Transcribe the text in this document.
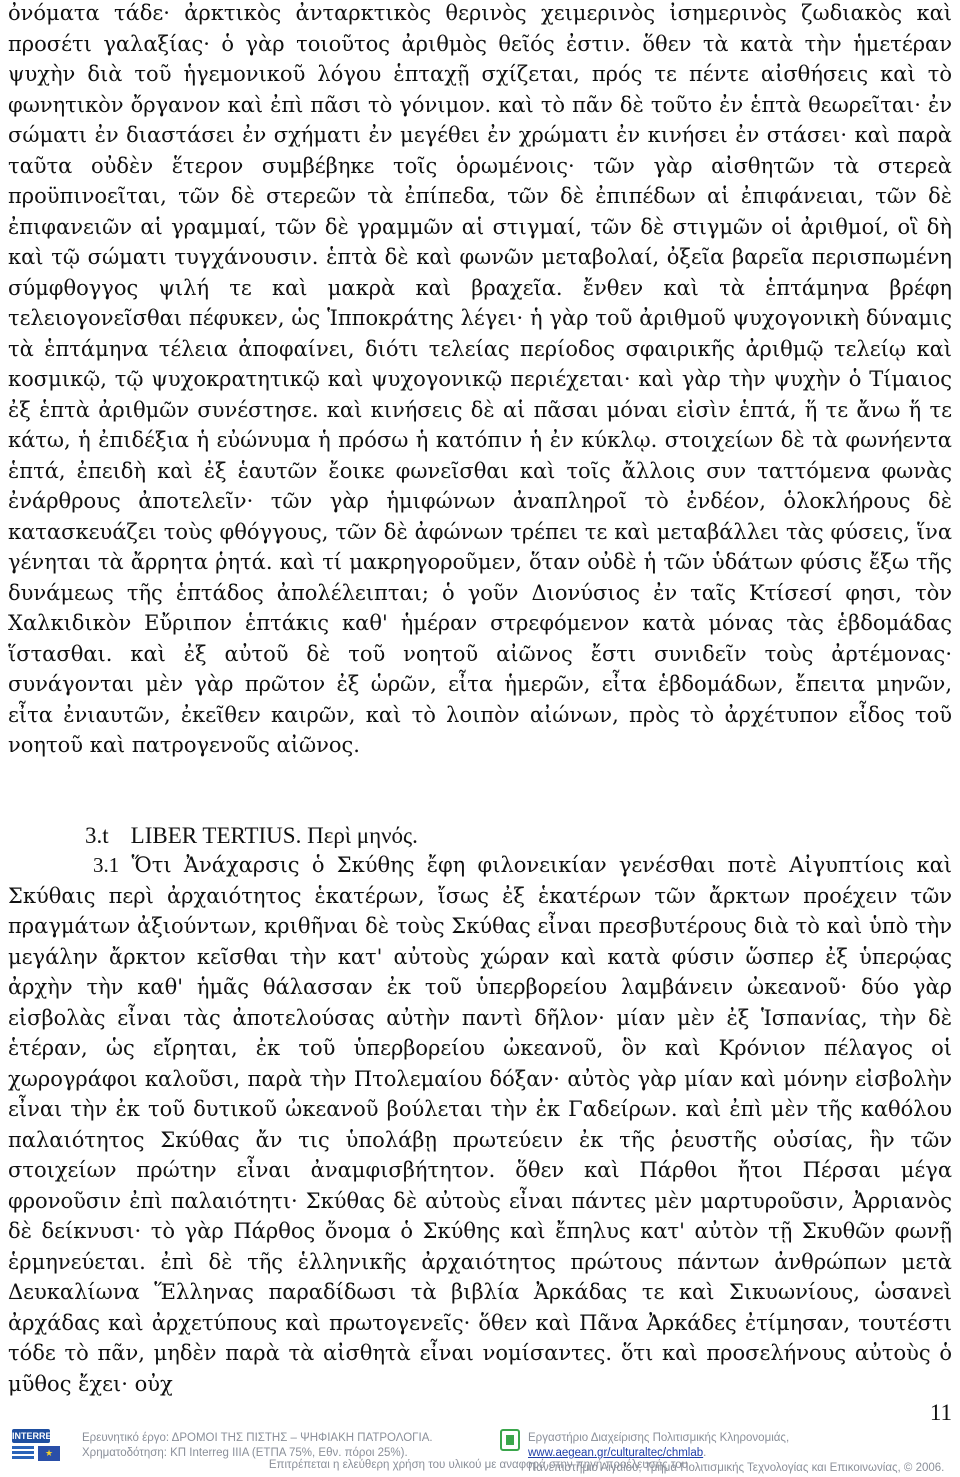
ὀνόματα τάδε· ἀρκτικὸς ἀνταρκτικὸς θερινὸς χειμερινὸς ἰσημερινὸς ζωδιακὸς καὶ προσέτι γαλαξίας· ὁ γὰρ τοιοῦτος ἀριθμὸς θεῖός ἐστιν. ὅθεν τὰ κατὰ τὴν ἡμετέραν ψυχὴν διὰ τοῦ ἡγεμονικοῦ λόγου ἑπταχῇ σχίζεται, πρός τε πέντε αἰσθήσεις καὶ τὸ φωνητικὸν ὄργανον καὶ ἐπὶ πᾶσι τὸ γόνιμον. καὶ τὸ πᾶν δὲ τοῦτο ἐν ἑπτὰ θεωρεῖται· ἐν σώματι ἐν διαστάσει ἐν σχήματι ἐν μεγέθει ἐν χρώματι ἐν κινήσει ἐν στάσει· καὶ παρὰ ταῦτα οὐδὲν ἕτερον συμβέβηκε τοῖς ὁρωμένοις· τῶν γὰρ αἰσθητῶν τὰ στερεὰ προϋπινοεῖται, τῶν δὲ στερεῶν τὰ ἐπίπεδα, τῶν δὲ ἐπιπέδων αἱ ἐπιφάνειαι, τῶν δὲ ἐπιφανειῶν αἱ γραμμαί, τῶν δὲ γραμμῶν αἱ στιγμαί, τῶν δὲ στιγμῶν οἱ ἀριθμοί, οἳ δὴ καὶ τῷ σώματι τυγχάνουσιν. ἑπτὰ δὲ καὶ φωνῶν μεταβολαί, ὀξεῖα βαρεῖα περισπωμένη σύμφθογγος ψιλή τε καὶ μακρὰ καὶ βραχεῖα. ἔνθεν καὶ τὰ ἑπτάμηνα βρέφη τελειογονεῖσθαι πέφυκεν, ὡς Ἱπποκράτης λέγει· ἡ γὰρ τοῦ ἀριθμοῦ ψυχογονικὴ δύναμις τὰ ἑπτάμηνα τέλεια ἀποφαίνει, διότι τελείας περίοδος σφαιρικῆς ἀριθμῷ τελείῳ καὶ κοσμικῷ, τῷ ψυχοκρατητικῷ καὶ ψυχογονικῷ περιέχεται· καὶ γὰρ τὴν ψυχὴν ὁ Τίμαιος ἐξ ἑπτὰ ἀριθμῶν συνέστησε. καὶ κινήσεις δὲ αἱ πᾶσαι μόναι εἰσὶν ἑπτά, ἥ τε ἄνω ἥ τε κάτω, ἡ ἐπιδέξια ἡ εὐώνυμα ἡ πρόσω ἡ κατόπιν ἡ ἐν κύκλῳ. στοιχείων δὲ τὰ φωνήεντα ἑπτά, ἐπειδὴ καὶ ἐξ ἑαυτῶν ἔοικε φωνεῖσθαι καὶ τοῖς ἄλλοις συν ταττόμενα φωνὰς ἐνάρθρους ἀποτελεῖν· τῶν γὰρ ἡμιφώνων ἀναπληροῖ τὸ ἐνδέον, ὁλοκλήρους δὲ κατασκευάζει τοὺς φθόγγους, τῶν δὲ ἀφώνων τρέπει τε καὶ μεταβάλλει τὰς φύσεις, ἵνα γένηται τὰ ἄρρητα ῥητά. καὶ τί μακρηγοροῦμεν, ὅταν οὐδὲ ἡ τῶν ὑδάτων φύσις ἔξω τῆς δυνάμεως τῆς ἑπτάδος ἀπολέλειπται; ὁ γοῦν Διονύσιος ἐν ταῖς Κτίσεσί φησι, τὸν Χαλκιδικὸν Εὔριπον ἑπτάκις καθ' ἡμέραν στρεφόμενον κατὰ μόνας τὰς ἑβδομάδας ἵστασθαι. καὶ ἐξ αὐτοῦ δὲ τοῦ νοητοῦ αἰῶνος ἔστι συνιδεῖν τοὺς ἀρτέμονας· συνάγονται μὲν γὰρ πρῶτον ἐξ ὡρῶν, εἶτα ἡμερῶν, εἶτα ἑβδομάδων, ἔπειτα μηνῶν, εἶτα ἐνιαυτῶν, ἐκεῖθεν καιρῶν, καὶ τὸ λοιπὸν αἰώνων, πρὸς τὸ ἀρχέτυπον εἶδος τοῦ νοητοῦ καὶ πατρογενοῦς αἰῶνος.

3.t LIBER TERTIUS. Περὶ μηνός.

3.1 Ὅτι Ἀνάχαρσις ὁ Σκύθης ἔφη φιλονεικίαν γενέσθαι ποτὲ Αἰγυπτίοις καὶ Σκύθαις περὶ ἀρχαιότητος ἑκατέρων, ἴσως ἐξ ἑκατέρων τῶν ἄρκτων προέχειν τῶν πραγμάτων ἀξιούντων, κριθῆναι δὲ τοὺς Σκύθας εἶναι πρεσβυτέρους διὰ τὸ καὶ ὑπὸ τὴν μεγάλην ἄρκτον κεῖσθαι τὴν κατ' αὐτοὺς χώραν καὶ κατὰ φύσιν ὥσπερ ἐξ ὑπερῴας ἀρχὴν τὴν καθ' ἡμᾶς θάλασσαν ἐκ τοῦ ὑπερβορείου λαμβάνειν ὠκεανοῦ· δύο γὰρ εἰσβολὰς εἶναι τὰς ἀποτελούσας αὐτὴν παντὶ δῆλον· μίαν μὲν ἐξ Ἱσπανίας, τὴν δὲ ἑτέραν, ὡς εἴρηται, ἐκ τοῦ ὑπερβορείου ὠκεανοῦ, ὃν καὶ Κρόνιον πέλαγος οἱ χωρογράφοι καλοῦσι, παρὰ τὴν Πτολεμαίου δόξαν· αὐτὸς γὰρ μίαν καὶ μόνην εἰσβολὴν εἶναι τὴν ἐκ τοῦ δυτικοῦ ὠκεανοῦ βούλεται τὴν ἐκ Γαδείρων. καὶ ἐπὶ μὲν τῆς καθόλου παλαιότητος Σκύθας ἄν τις ὑπολάβῃ πρωτεύειν ἐκ τῆς ῥευστῆς οὐσίας, ἣν τῶν στοιχείων πρώτην εἶναι ἀναμφισβήτητον. ὅθεν καὶ Πάρθοι ἤτοι Πέρσαι μέγα φρονοῦσιν ἐπὶ παλαιότητι· Σκύθας δὲ αὐτοὺς εἶναι πάντες μὲν μαρτυροῦσιν, Ἀρριανὸς δὲ δείκνυσι· τὸ γὰρ Πάρθος ὄνομα ὁ Σκύθης καὶ ἔπηλυς κατ' αὐτὸν τῇ Σκυθῶν φωνῇ ἑρμηνεύεται. ἐπὶ δὲ τῆς ἑλληνικῆς ἀρχαιότητος πρώτους πάντων ἀνθρώπων μετὰ Δευκαλίωνα Ἕλληνας παραδίδωσι τὰ βιβλία Ἀρκάδας τε καὶ Σικυωνίους, ὡσανεὶ ἀρχάδας καὶ ἀρχετύπους καὶ πρωτογενεῖς· ὅθεν καὶ Πᾶνα Ἀρκάδες ἐτίμησαν, τουτέστι τόδε τὸ πᾶν, μηδὲν παρὰ τὰ αἰσθητὰ εἶναι νομίσαντες. ὅτι καὶ προσελήνους αὐτοὺς ὁ μῦθος ἔχει· οὐχ

11
INTERREG
★
Ερευνητικό έργο: ΔΡΟΜΟΙ ΤΗΣ ΠΙΣΤΗΣ – ΨΗΦΙΑΚΗ ΠΑΤΡΟΛΟΓΙΑ.
Χρηματοδότηση: ΚΠ Interreg IIIA (ΕΤΠΑ 75%, Εθν. πόροι 25%).
Εργαστήριο Διαχείρισης Πολιτισμικής Κληρονομιάς, www.aegean.gr/culturaltec/chmlab.
Πανεπιστήμιο Αιγαίου, Τμήμα Πολιτισμικής Τεχνολογίας και Επικοινωνίας, © 2006.
Επιτρέπεται η ελεύθερη χρήση του υλικού με αναφορά στην πηγή προέλευσής του.
